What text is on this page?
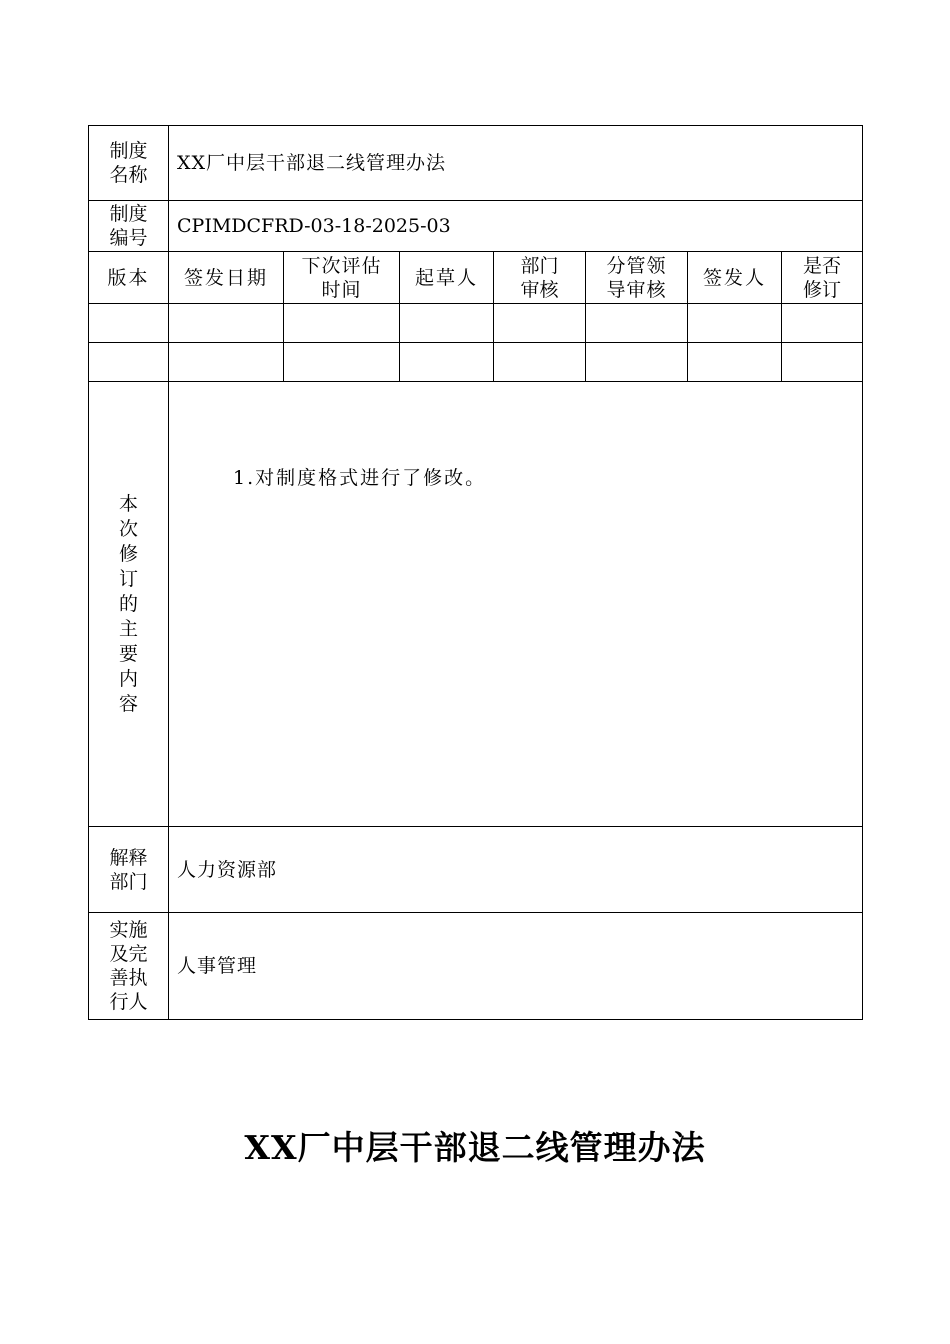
制度名称	XX厂中层干部退二线管理办法						
制度编号	CPIMDCFRD-03-18-2025-03						
版本	签发日期	下次评估时间	起草人	部门审核	分管领导审核	签发人	是否修订

本次修订的主要内容	1.对制度格式进行了修改。						

解释部门	人力资源部						
实施及完善执行人	人事管理						
XX厂中层干部退二线管理办法
